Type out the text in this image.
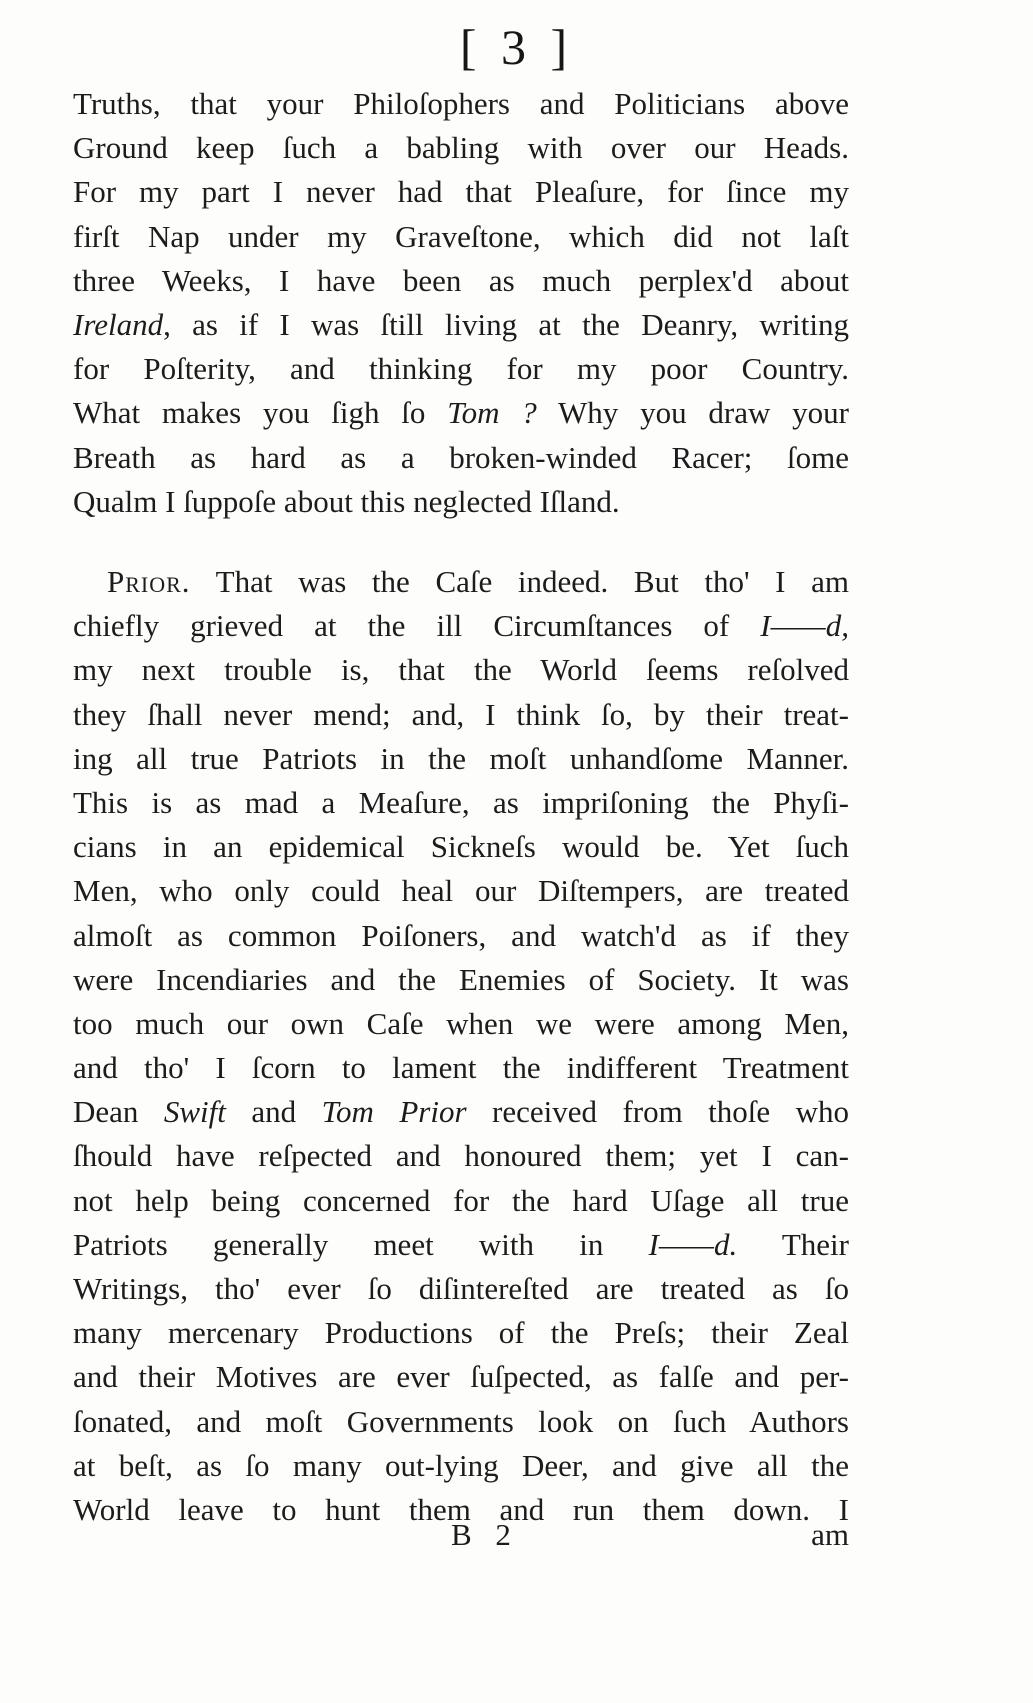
[ 3 ]
Truths, that your Philoſophers and Politicians above
Ground keep ſuch a babling with over our Heads.
For my part I never had that Pleaſure, for ſince my
firſt Nap under my Graveſtone, which did not laſt
three Weeks, I have been as much perplex'd about
Ireland, as if I was ſtill living at the Deanry, writing
for Poſterity, and thinking for my poor Country.
What makes you ſigh ſo Tom ? Why you draw your
Breath as hard as a broken-winded Racer; ſome
Qualm I ſuppoſe about this neglected Iſland.
Prior. That was the Caſe indeed. But tho' I am
chiefly grieved at the ill Circumſtances of I——d,
my next trouble is, that the World ſeems reſolved
they ſhall never mend; and, I think ſo, by their treat-
ing all true Patriots in the moſt unhandſome Manner.
This is as mad a Meaſure, as impriſoning the Phyſi-
cians in an epidemical Sickneſs would be. Yet ſuch
Men, who only could heal our Diſtempers, are treated
almoſt as common Poiſoners, and watch'd as if they
were Incendiaries and the Enemies of Society. It was
too much our own Caſe when we were among Men,
and tho' I ſcorn to lament the indifferent Treatment
Dean Swift and Tom Prior received from thoſe who
ſhould have reſpected and honoured them; yet I can-
not help being concerned for the hard Uſage all true
Patriots generally meet with in I——d. Their
Writings, tho' ever ſo diſintereſted are treated as ſo
many mercenary Productions of the Preſs; their Zeal
and their Motives are ever ſuſpected, as falſe and per-
ſonated, and moſt Governments look on ſuch Authors
at beſt, as ſo many out-lying Deer, and give all the
World leave to hunt them and run them down. I
B 2	am
